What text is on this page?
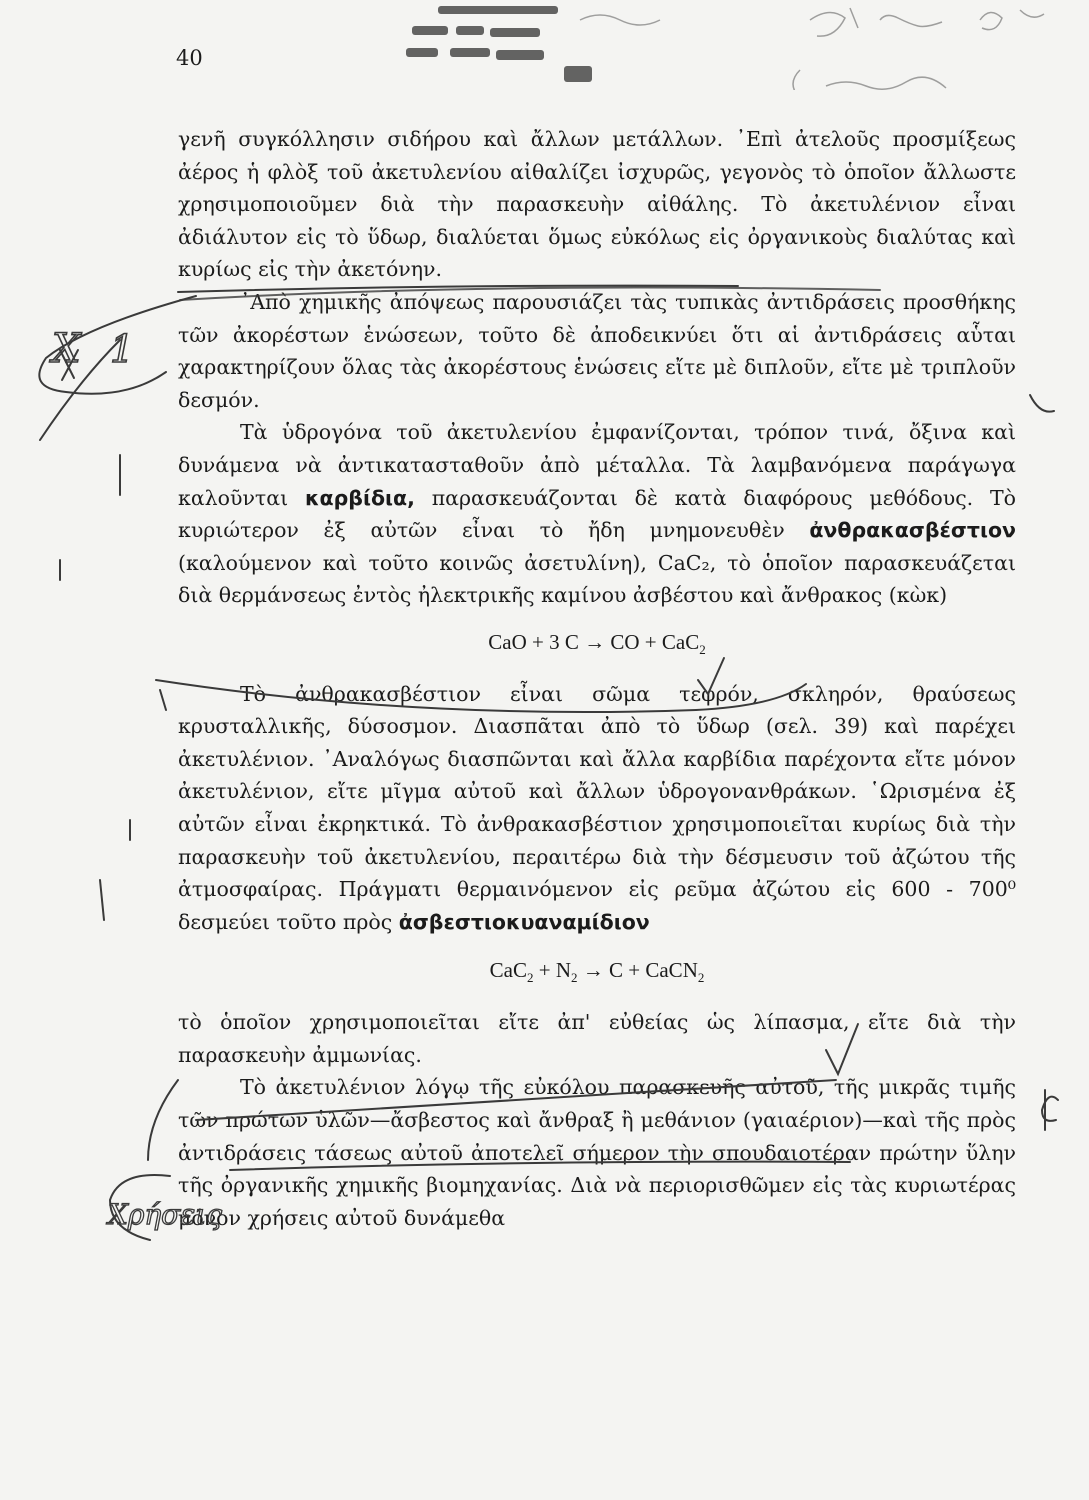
40

γενῆ συγκόλλησιν σιδήρου καὶ ἄλλων μετάλλων. ᾿Επὶ ἀτελοῦς προσμίξεως ἀέρος ἡ φλὸξ τοῦ ἀκετυλενίου αἰθαλίζει ἰσχυρῶς, γεγονὸς τὸ ὁποῖον ἄλλωστε χρησιμοποιοῦμεν διὰ τὴν παρασκευὴν αἰθάλης. Τὸ ἀκετυλένιον εἶναι ἀδιάλυτον εἰς τὸ ὕδωρ, διαλύεται ὅμως εὐκόλως εἰς ὀργανικοὺς διαλύτας καὶ κυρίως εἰς τὴν ἀκετόνην.

᾿Απὸ χημικῆς ἀπόψεως παρουσιάζει τὰς τυπικὰς ἀντιδράσεις προσθήκης τῶν ἀκορέστων ἑνώσεων, τοῦτο δὲ ἀποδεικνύει ὅτι αἱ ἀντιδράσεις αὗται χαρακτηρίζουν ὅλας τὰς ἀκορέστους ἑνώσεις εἴτε μὲ διπλοῦν, εἴτε μὲ τριπλοῦν δεσμόν.

Τὰ ὑδρογόνα τοῦ ἀκετυλενίου ἐμφανίζονται, τρόπον τινά, ὄξινα καὶ δυνάμενα νὰ ἀντικατασταθοῦν ἀπὸ μέταλλα. Τὰ λαμβανόμενα παράγωγα καλοῦνται καρβίδια, παρασκευάζονται δὲ κατὰ διαφόρους μεθόδους. Τὸ κυριώτερον ἐξ αὐτῶν εἶναι τὸ ἤδη μνημονευθὲν ἀνθρακασβέστιον (καλούμενον καὶ τοῦτο κοινῶς ἀσετυλίνη), CaC₂, τὸ ὁποῖον παρασκευάζεται διὰ θερμάνσεως ἐντὸς ἠλεκτρικῆς καμίνου ἀσβέστου καὶ ἄνθρακος (κὼκ)

CaO + 3 C → CO + CaC$_2$

Τὸ ἀνθρακασβέστιον εἶναι σῶμα τεφρόν, σκληρόν, θραύσεως κρυσταλλικῆς, δύσοσμον. Διασπᾶται ἀπὸ τὸ ὕδωρ (σελ. 39) καὶ παρέχει ἀκετυλένιον. ᾿Αναλόγως διασπῶνται καὶ ἄλλα καρβίδια παρέχοντα εἴτε μόνον ἀκετυλένιον, εἴτε μῖγμα αὐτοῦ καὶ ἄλλων ὑδρογονανθράκων. ῾Ωρισμένα ἐξ αὐτῶν εἶναι ἐκρηκτικά. Τὸ ἀνθρακασβέστιον χρησιμοποιεῖται κυρίως διὰ τὴν παρασκευὴν τοῦ ἀκετυλενίου, περαιτέρω διὰ τὴν δέσμευσιν τοῦ ἀζώτου τῆς ἀτμοσφαίρας. Πράγματι θερμαινόμενον εἰς ρεῦμα ἀζώτου εἰς 600 - 700⁰ δεσμεύει τοῦτο πρὸς ἀσβεστιοκυαναμίδιον

$CaC_2 + N_2 \to C$ + CaCN$_2$

τὸ ὁποῖον χρησιμοποιεῖται εἴτε ἀπ' εὐθείας ὡς λίπασμα, εἴτε διὰ τὴν παρασκευὴν ἀμμωνίας.

Τὸ ἀκετυλένιον λόγῳ τῆς εὐκόλου παρασκευῆς αὐτοῦ, τῆς μικρᾶς τιμῆς τῶν πρώτων ὑλῶν—ἄσβεστος καὶ ἄνθραξ ἢ μεθάνιον (γαιαέριον)—καὶ τῆς πρὸς ἀντιδράσεις τάσεως αὐτοῦ ἀποτελεῖ σήμερον τὴν σπουδαιοτέραν πρώτην ὕλην τῆς ὀργανικῆς χημικῆς βιομηχανίας. Διὰ νὰ περιορισθῶμεν εἰς τὰς κυριωτέρας μόνον χρήσεις αὐτοῦ δυνάμεθα

X 1
Χρήσεις
